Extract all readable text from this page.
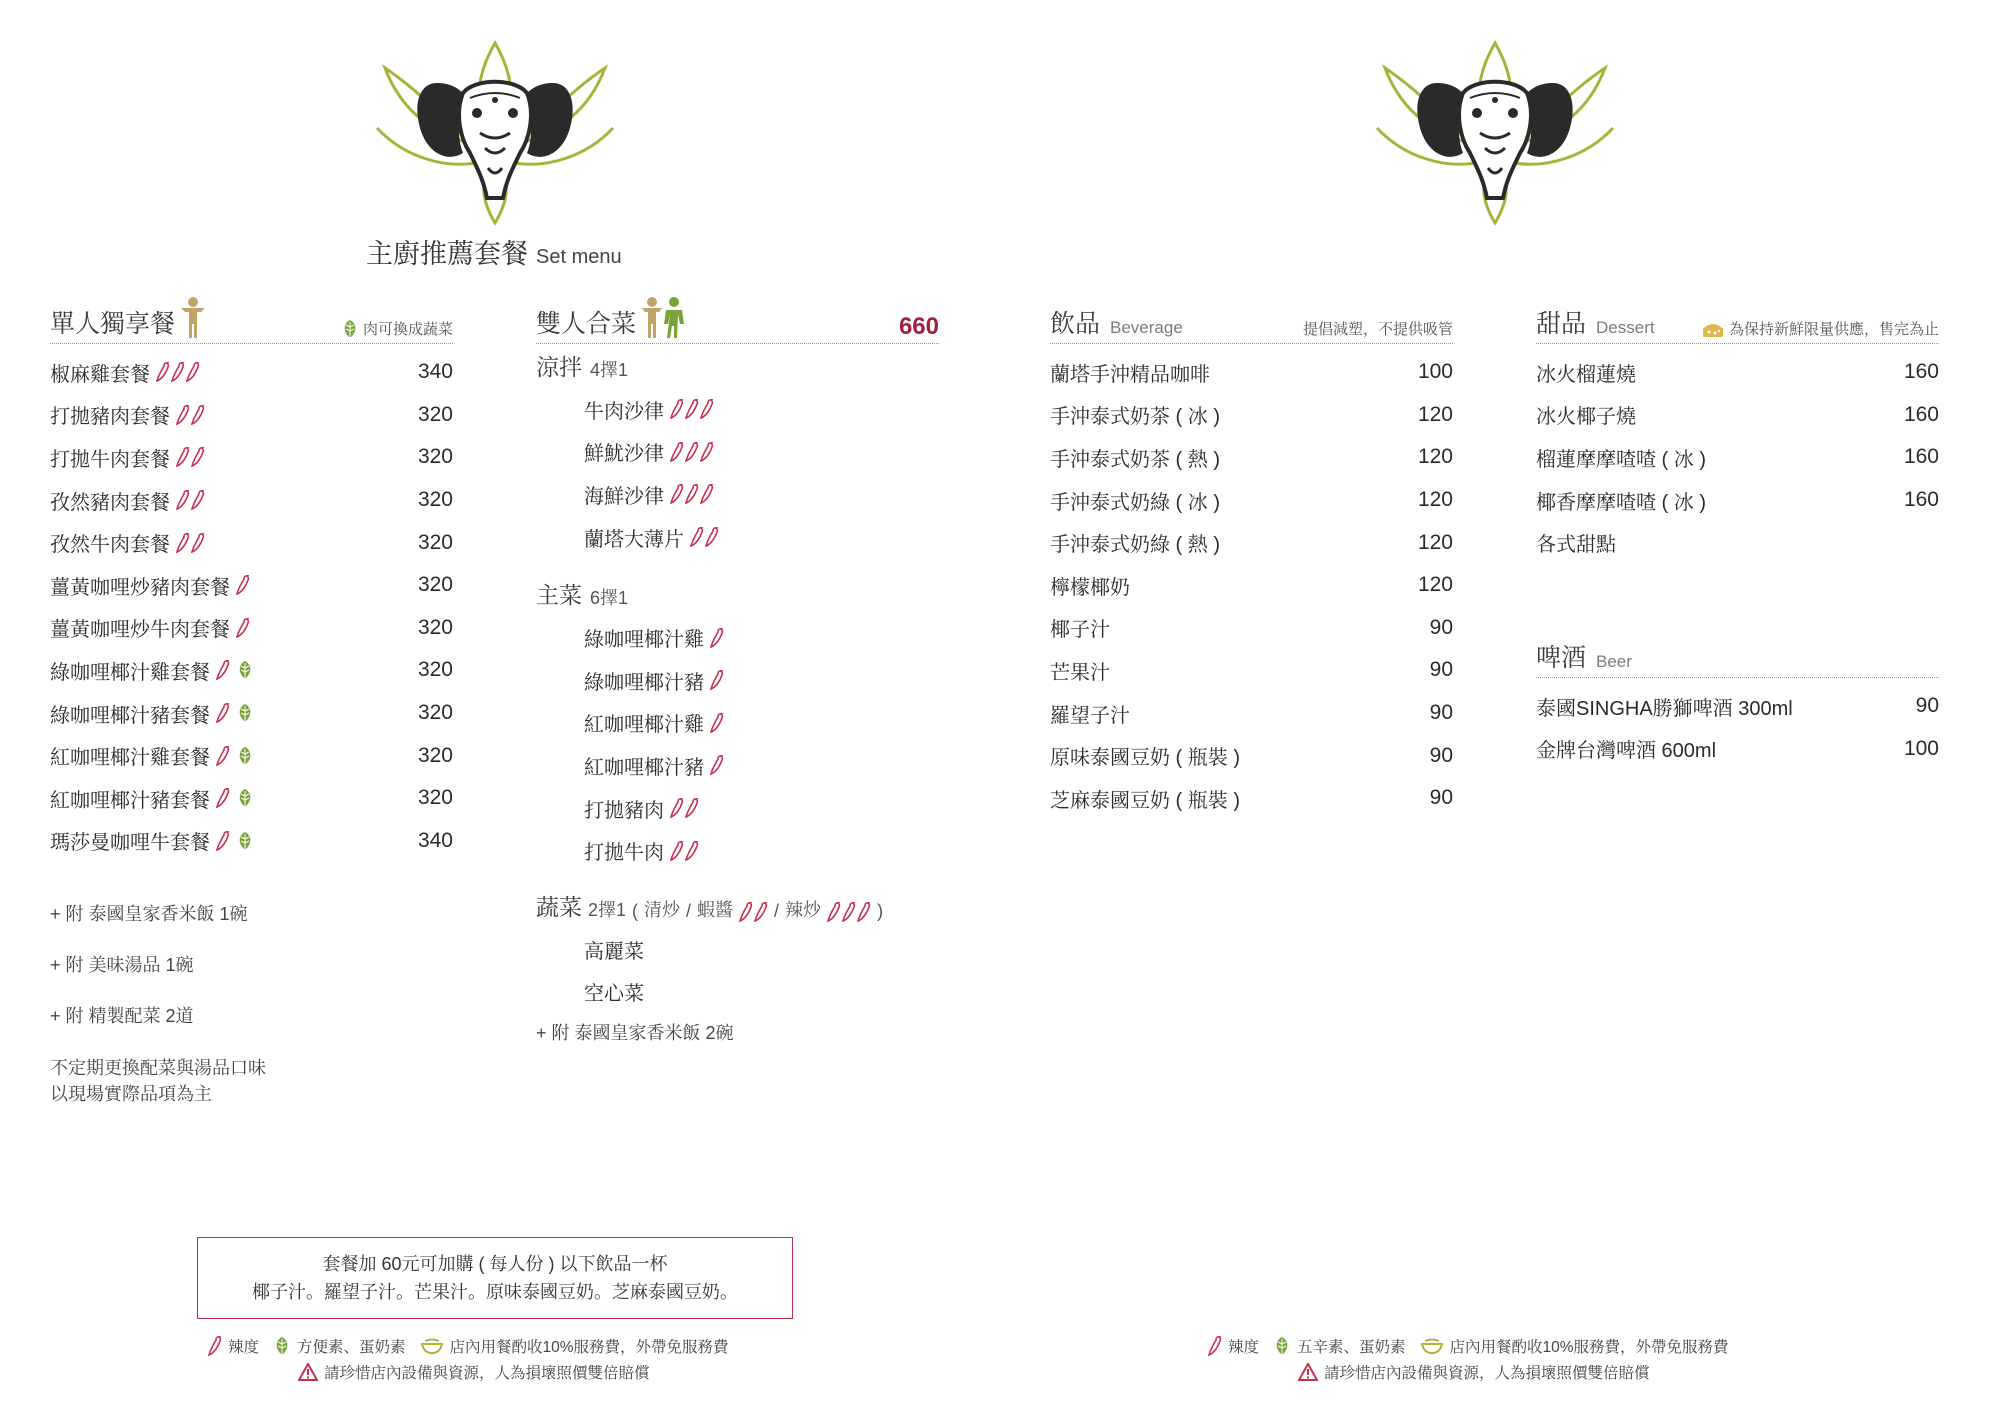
主廚推薦套餐 Set menu
單人獨享餐	肉可換成蔬菜
椒麻雞套餐	340
打拋豬肉套餐	320
打拋牛肉套餐	320
孜然豬肉套餐	320
孜然牛肉套餐	320
薑黃咖哩炒豬肉套餐	320
薑黃咖哩炒牛肉套餐	320
綠咖哩椰汁雞套餐	320
綠咖哩椰汁豬套餐	320
紅咖哩椰汁雞套餐	320
紅咖哩椰汁豬套餐	320
瑪莎曼咖哩牛套餐	340
+ 附 泰國皇家香米飯 1碗
+ 附 美味湯品 1碗
+ 附 精製配菜 2道
不定期更換配菜與湯品口味
以現場實際品項為主
雙人合菜	660
涼拌 4擇1
牛肉沙律
鮮魷沙律
海鮮沙律
蘭塔大薄片
主菜 6擇1
綠咖哩椰汁雞
綠咖哩椰汁豬
紅咖哩椰汁雞
紅咖哩椰汁豬
打拋豬肉
打拋牛肉
蔬菜 2擇1 ( 清炒 / 蝦醬 / 辣炒	)
高麗菜
空心菜
+ 附 泰國皇家香米飯 2碗
飲品 Beverage	提倡減塑，不提供吸管
蘭塔手沖精品咖啡	100
手沖泰式奶茶 ( 冰 )	120
手沖泰式奶茶 ( 熱 )	120
手沖泰式奶綠 ( 冰 )	120
手沖泰式奶綠 ( 熱 )	120
檸檬椰奶	120
椰子汁	90
芒果汁	90
羅望子汁	90
原味泰國豆奶 ( 瓶裝 )	90
芝麻泰國豆奶 ( 瓶裝 )	90
甜品 Dessert	為保持新鮮限量供應，售完為止
冰火榴蓮燒	160
冰火椰子燒	160
榴蓮摩摩喳喳 ( 冰 )	160
椰香摩摩喳喳 ( 冰 )	160
各式甜點
啤酒 Beer
泰國SINGHA勝獅啤酒 300ml	90
金牌台灣啤酒 600ml	100
套餐加 60元可加購 ( 每人份 ) 以下飲品一杯
椰子汁。羅望子汁。芒果汁。原味泰國豆奶。芝麻泰國豆奶。
辣度 方便素、蛋奶素	店內用餐酌收10%服務費，外帶免服務費
請珍惜店內設備與資源，人為損壞照價雙倍賠償
辣度 五辛素、蛋奶素	店內用餐酌收10%服務費，外帶免服務費
請珍惜店內設備與資源，人為損壞照價雙倍賠償
